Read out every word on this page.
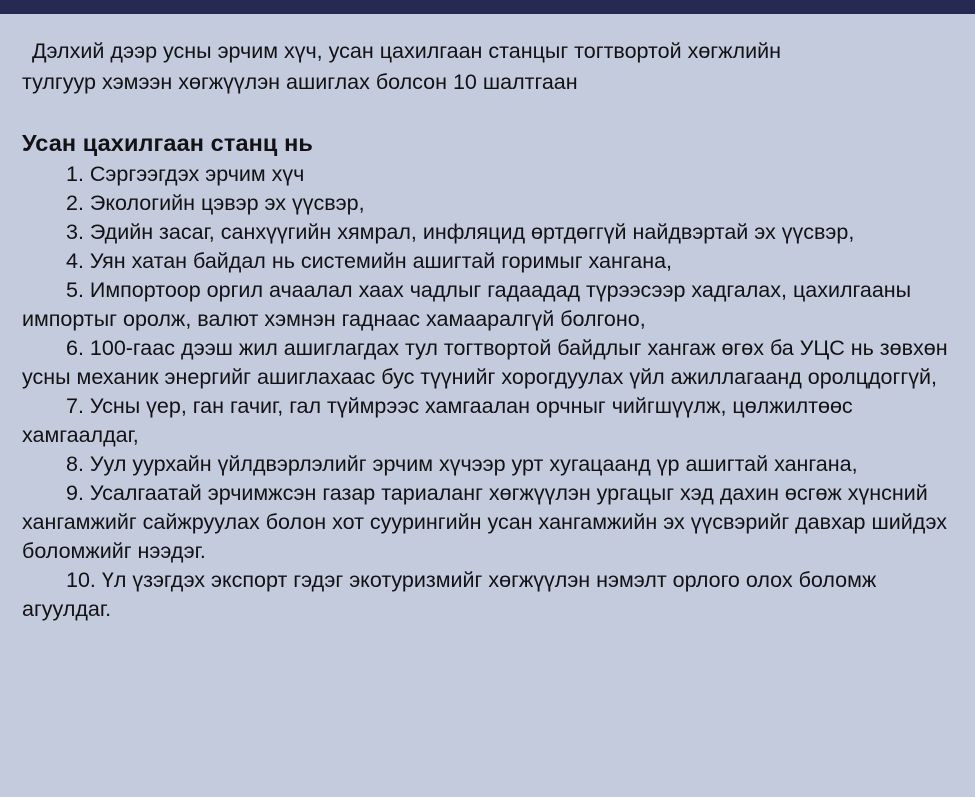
Дэлхий дээр усны эрчим хүч, усан цахилгаан станцыг тогтвортой хөгжлийн
тулгуур хэмээн хөгжүүлэн ашиглах болсон 10 шалтгаан

Усан цахилгаан станц нь
1. Сэргээгдэх эрчим хүч
2. Экологийн цэвэр эх үүсвэр,
3. Эдийн засаг, санхүүгийн хямрал, инфляцид өртдөггүй найдвэртай эх үүсвэр,
4. Уян хатан байдал нь системийн ашигтай горимыг хангана,
5. Импортоор оргил ачаалал хаах чадлыг гадаадад түрээсээр хадгалах, цахилгааны импортыг оролж, валют хэмнэн гаднаас хамааралгүй болгоно,
6. 100-гаас дээш жил ашиглагдах тул тогтвортой байдлыг хангаж өгөх ба УЦС нь зөвхөн усны механик энергийг ашиглахаас бус түүнийг хорогдуулах үйл ажиллагаанд оролцдоггүй,
7. Усны үер, ган гачиг, гал түймрээс хамгаалан орчныг чийгшүүлж, цөлжилтөөс хамгаалдаг,
8. Уул уурхайн үйлдвэрлэлийг эрчим хүчээр урт хугацаанд үр ашигтай хангана,
9. Усалгаатай эрчимжсэн газар тариаланг хөгжүүлэн ургацыг хэд дахин өсгөж хүнсний хангамжийг сайжруулах болон хот суурингийн усан хангамжийн эх үүсвэрийг давхар шийдэх боломжийг нээдэг.
10. Үл үзэгдэх экспорт гэдэг экотуризмийг хөгжүүлэн нэмэлт орлого олох боломж агуулдаг.
